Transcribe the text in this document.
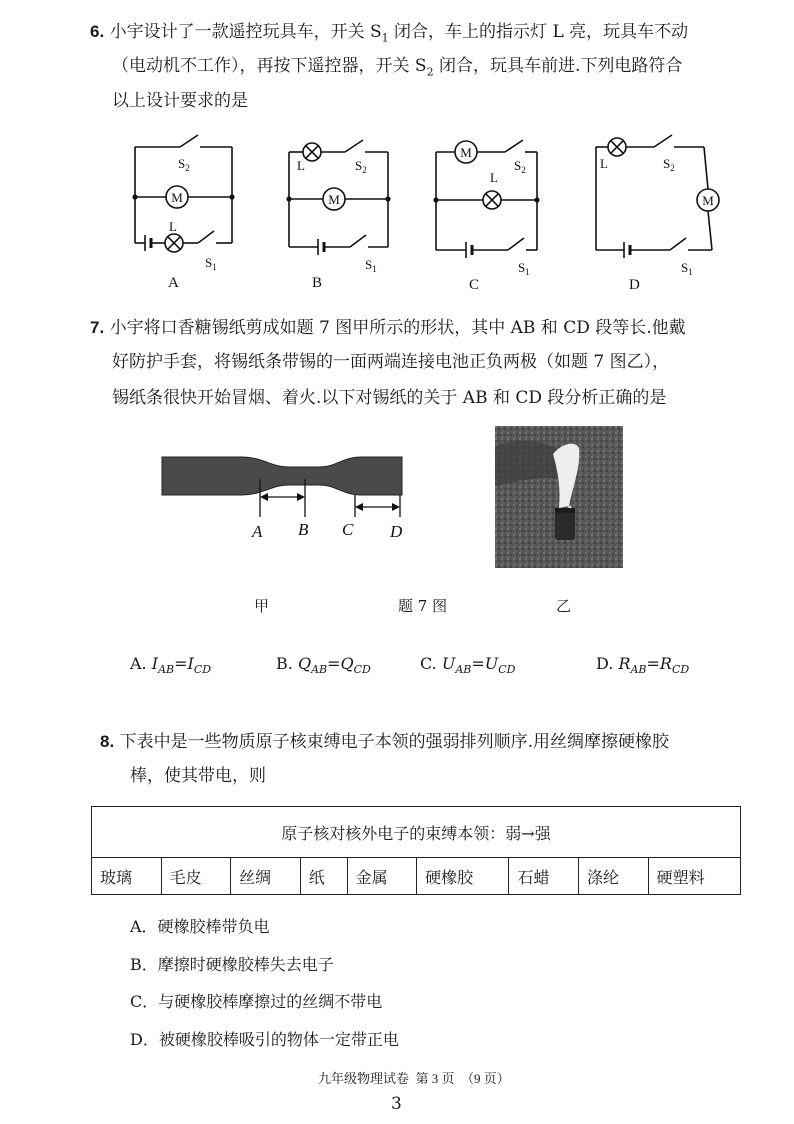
6. 小宇设计了一款遥控玩具车，开关 $S_1$ 闭合，车上的指示灯 L 亮，玩具车不动
（电动机不工作），再按下遥控器，开关 $S_2$ 闭合，玩具车前进.下列电路符合
以上设计要求的是
M	M
M
M
$S_2$
L
$S_1$
A
L	$S_2$
$S_1$
B
$S_2$
L
$S_1$
C
L	$S_2$
$S_1$
D
7. 小宇将口香糖锡纸剪成如题 7 图甲所示的形状，其中 AB 和 CD 段等长.他戴
好防护手套，将锡纸条带锡的一面两端连接电池正负两极（如题 7 图乙），
锡纸条很快开始冒烟、着火.以下对锡纸的关于 AB 和 CD 段分析正确的是
A B C D
甲	题 7 图	乙
A. $I_{AB}=I_{CD}$	B. $Q_{AB}=Q_{CD}$	C. $U_{AB}=U_{CD}$	D. $R_{AB}=R_{CD}$
8. 下表中是一些物质原子核束缚电子本领的强弱排列顺序.用丝绸摩擦硬橡胶
棒，使其带电，则
原子核对核外电子的束缚本领：弱→强
玻璃	毛皮	丝绸	纸	金属	硬橡胶	石蜡	涤纶	硬塑料
A．硬橡胶棒带负电
B．摩擦时硬橡胶棒失去电子
C．与硬橡胶棒摩擦过的丝绸不带电
D．被硬橡胶棒吸引的物体一定带正电
九年级物理试卷  第 3 页  （9 页）
3
